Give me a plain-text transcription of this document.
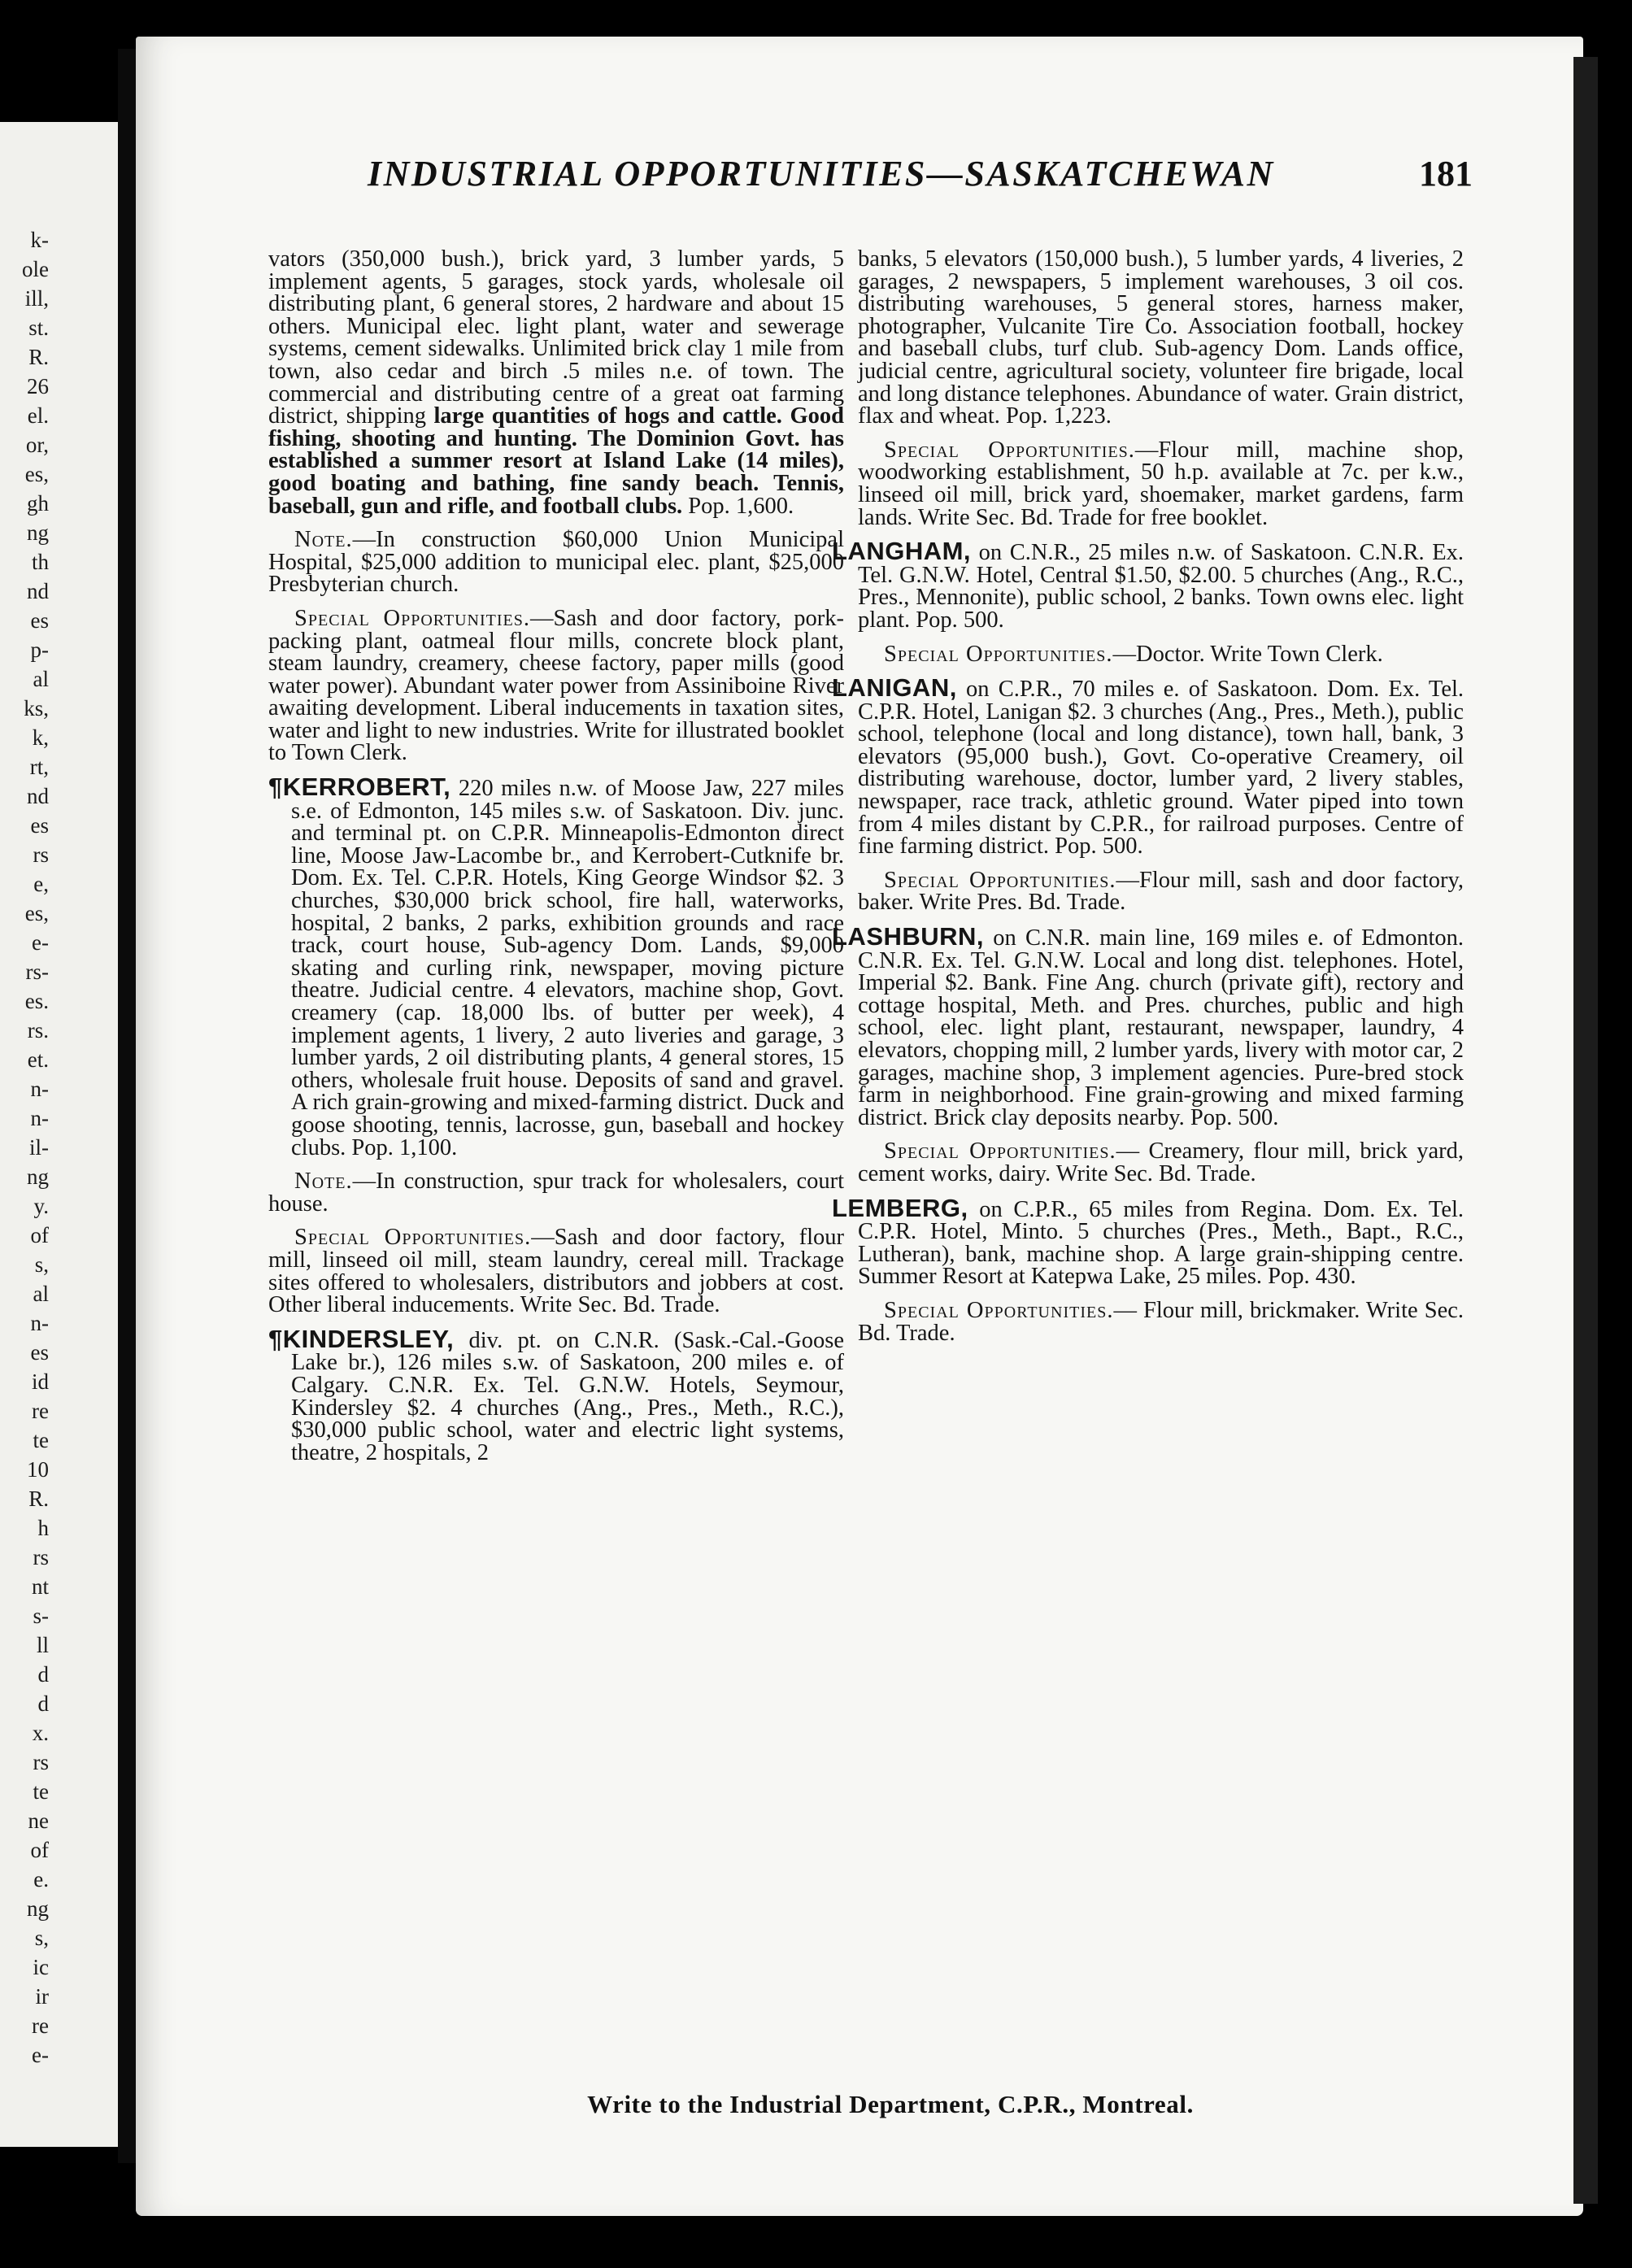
k-
ole
ill,
st.
R.
26
el.
or,
es,
gh
ng
th
nd
es
p-
al
ks,
k,
rt,
nd
es
rs
e,
es,
e-
rs-
es.
rs.
et.
n-
n-
il-
ng
y.
of
s,
al
n-
es
id
re
te
10
R.
h
rs
nt
s-
ll
d
d
x.
rs
te
ne
of
e.
ng
s,
ic
ir
re
e-
INDUSTRIAL OPPORTUNITIES—SASKATCHEWAN	181

vators (350,000 bush.), brick yard, 3 lumber yards, 5 implement agents, 5 garages, stock yards, wholesale oil distributing plant, 6 general stores, 2 hardware and about 15 others. Municipal elec. light plant, water and sewerage systems, cement sidewalks. Unlimited brick clay 1 mile from town, also cedar and birch .5 miles n.e. of town. The commercial and distributing centre of a great oat farming district, shipping large quantities of hogs and cattle. Good fishing, shooting and hunting. The Dominion Govt. has established a summer resort at Island Lake (14 miles), good boating and bathing, fine sandy beach. Tennis, baseball, gun and rifle, and football clubs. Pop. 1,600.

Note.—In construction $60,000 Union Municipal Hospital, $25,000 addition to municipal elec. plant, $25,000 Presbyterian church.

Special Opportunities.—Sash and door factory, pork-packing plant, oatmeal flour mills, concrete block plant, steam laundry, creamery, cheese factory, paper mills (good water power). Abundant water power from Assiniboine River awaiting development. Liberal inducements in taxation sites, water and light to new industries. Write for illustrated booklet to Town Clerk.

¶KERROBERT, 220 miles n.w. of Moose Jaw, 227 miles s.e. of Edmonton, 145 miles s.w. of Saskatoon. Div. junc. and terminal pt. on C.P.R. Minneapolis-Edmonton direct line, Moose Jaw-Lacombe br., and Kerrobert-Cutknife br. Dom. Ex. Tel. C.P.R. Hotels, King George Windsor $2. 3 churches, $30,000 brick school, fire hall, waterworks, hospital, 2 banks, 2 parks, exhibition grounds and race track, court house, Sub-agency Dom. Lands, $9,000 skating and curling rink, newspaper, moving picture theatre. Judicial centre. 4 elevators, machine shop, Govt. creamery (cap. 18,000 lbs. of butter per week), 4 implement agents, 1 livery, 2 auto liveries and garage, 3 lumber yards, 2 oil distributing plants, 4 general stores, 15 others, wholesale fruit house. Deposits of sand and gravel. A rich grain-growing and mixed-farming district. Duck and goose shooting, tennis, lacrosse, gun, baseball and hockey clubs. Pop. 1,100.

Note.—In construction, spur track for wholesalers, court house.

Special Opportunities.—Sash and door factory, flour mill, linseed oil mill, steam laundry, cereal mill. Trackage sites offered to wholesalers, distributors and jobbers at cost. Other liberal inducements. Write Sec. Bd. Trade.

¶KINDERSLEY, div. pt. on C.N.R. (Sask.-Cal.-Goose Lake br.), 126 miles s.w. of Saskatoon, 200 miles e. of Calgary. C.N.R. Ex. Tel. G.N.W. Hotels, Seymour, Kindersley $2. 4 churches (Ang., Pres., Meth., R.C.), $30,000 public school, water and electric light systems, theatre, 2 hospitals, 2

banks, 5 elevators (150,000 bush.), 5 lumber yards, 4 liveries, 2 garages, 2 newspapers, 5 implement warehouses, 3 oil cos. distributing warehouses, 5 general stores, harness maker, photographer, Vulcanite Tire Co. Association football, hockey and baseball clubs, turf club. Sub-agency Dom. Lands office, judicial centre, agricultural society, volunteer fire brigade, local and long distance telephones. Abundance of water. Grain district, flax and wheat. Pop. 1,223.

Special Opportunities.—Flour mill, machine shop, woodworking establishment, 50 h.p. available at 7c. per k.w., linseed oil mill, brick yard, shoemaker, market gardens, farm lands. Write Sec. Bd. Trade for free booklet.

LANGHAM, on C.N.R., 25 miles n.w. of Saskatoon. C.N.R. Ex. Tel. G.N.W. Hotel, Central $1.50, $2.00. 5 churches (Ang., R.C., Pres., Mennonite), public school, 2 banks. Town owns elec. light plant. Pop. 500.

Special Opportunities.—Doctor. Write Town Clerk.

LANIGAN, on C.P.R., 70 miles e. of Saskatoon. Dom. Ex. Tel. C.P.R. Hotel, Lanigan $2. 3 churches (Ang., Pres., Meth.), public school, telephone (local and long distance), town hall, bank, 3 elevators (95,000 bush.), Govt. Co-operative Creamery, oil distributing warehouse, doctor, lumber yard, 2 livery stables, newspaper, race track, athletic ground. Water piped into town from 4 miles distant by C.P.R., for railroad purposes. Centre of fine farming district. Pop. 500.

Special Opportunities.—Flour mill, sash and door factory, baker. Write Pres. Bd. Trade.

LASHBURN, on C.N.R. main line, 169 miles e. of Edmonton. C.N.R. Ex. Tel. G.N.W. Local and long dist. telephones. Hotel, Imperial $2. Bank. Fine Ang. church (private gift), rectory and cottage hospital, Meth. and Pres. churches, public and high school, elec. light plant, restaurant, newspaper, laundry, 4 elevators, chopping mill, 2 lumber yards, livery with motor car, 2 garages, machine shop, 3 implement agencies. Pure-bred stock farm in neighborhood. Fine grain-growing and mixed farming district. Brick clay deposits nearby. Pop. 500.

Special Opportunities.— Creamery, flour mill, brick yard, cement works, dairy. Write Sec. Bd. Trade.

LEMBERG, on C.P.R., 65 miles from Regina. Dom. Ex. Tel. C.P.R. Hotel, Minto. 5 churches (Pres., Meth., Bapt., R.C., Lutheran), bank, machine shop. A large grain-shipping centre. Summer Resort at Katepwa Lake, 25 miles. Pop. 430.

Special Opportunities.— Flour mill, brickmaker. Write Sec. Bd. Trade.

Write to the Industrial Department, C.P.R., Montreal.
